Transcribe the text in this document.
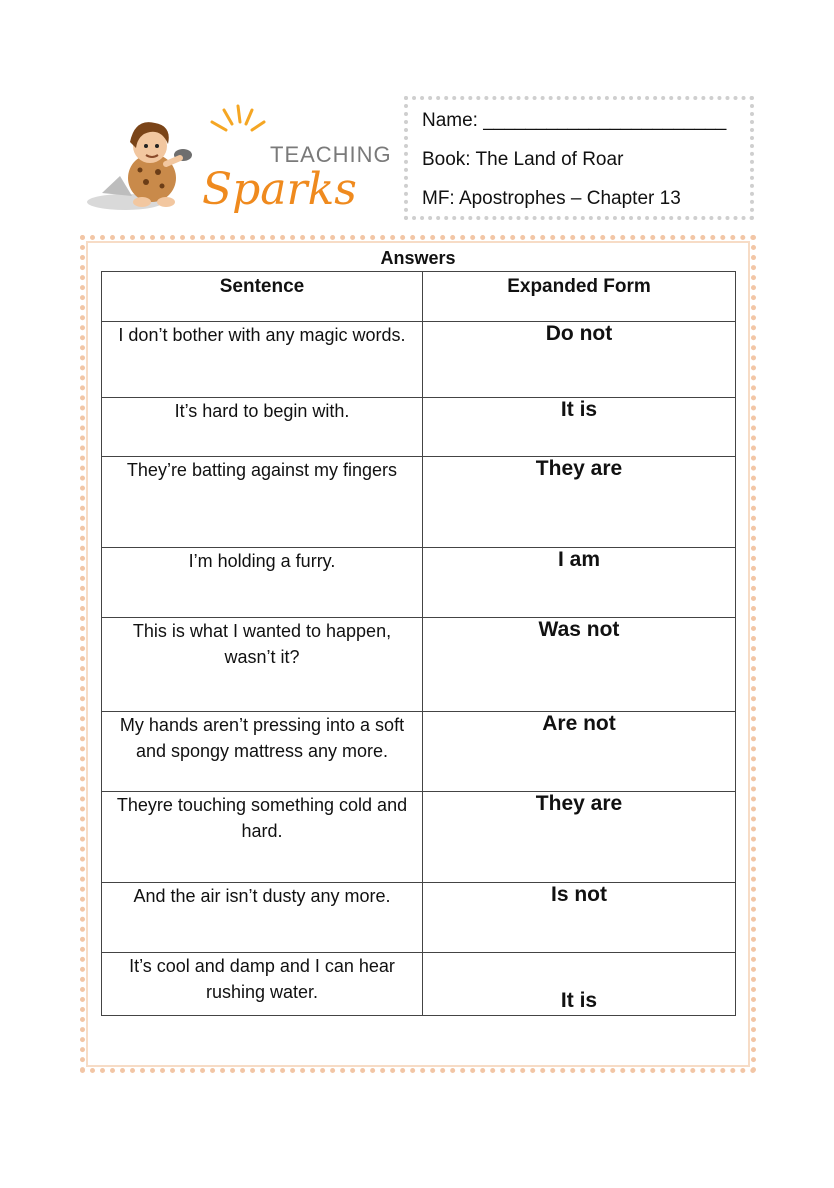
TEACHING
Sparks
Name: _______________________
Book: The Land of Roar
MF: Apostrophes – Chapter 13
Answers
Sentence	Expanded Form
I don’t bother with any magic words.	Do not
It’s hard to begin with.	It is
They’re batting against my fingers	They are
I’m holding a furry.	I am
This is what I wanted to happen, wasn’t it?	Was not
My hands aren’t pressing into a soft and spongy mattress any more.	Are not
Theyre touching something cold and hard.	They are
And the air isn’t dusty any more.	Is not
It’s cool and damp and I can hear rushing water.	It is
